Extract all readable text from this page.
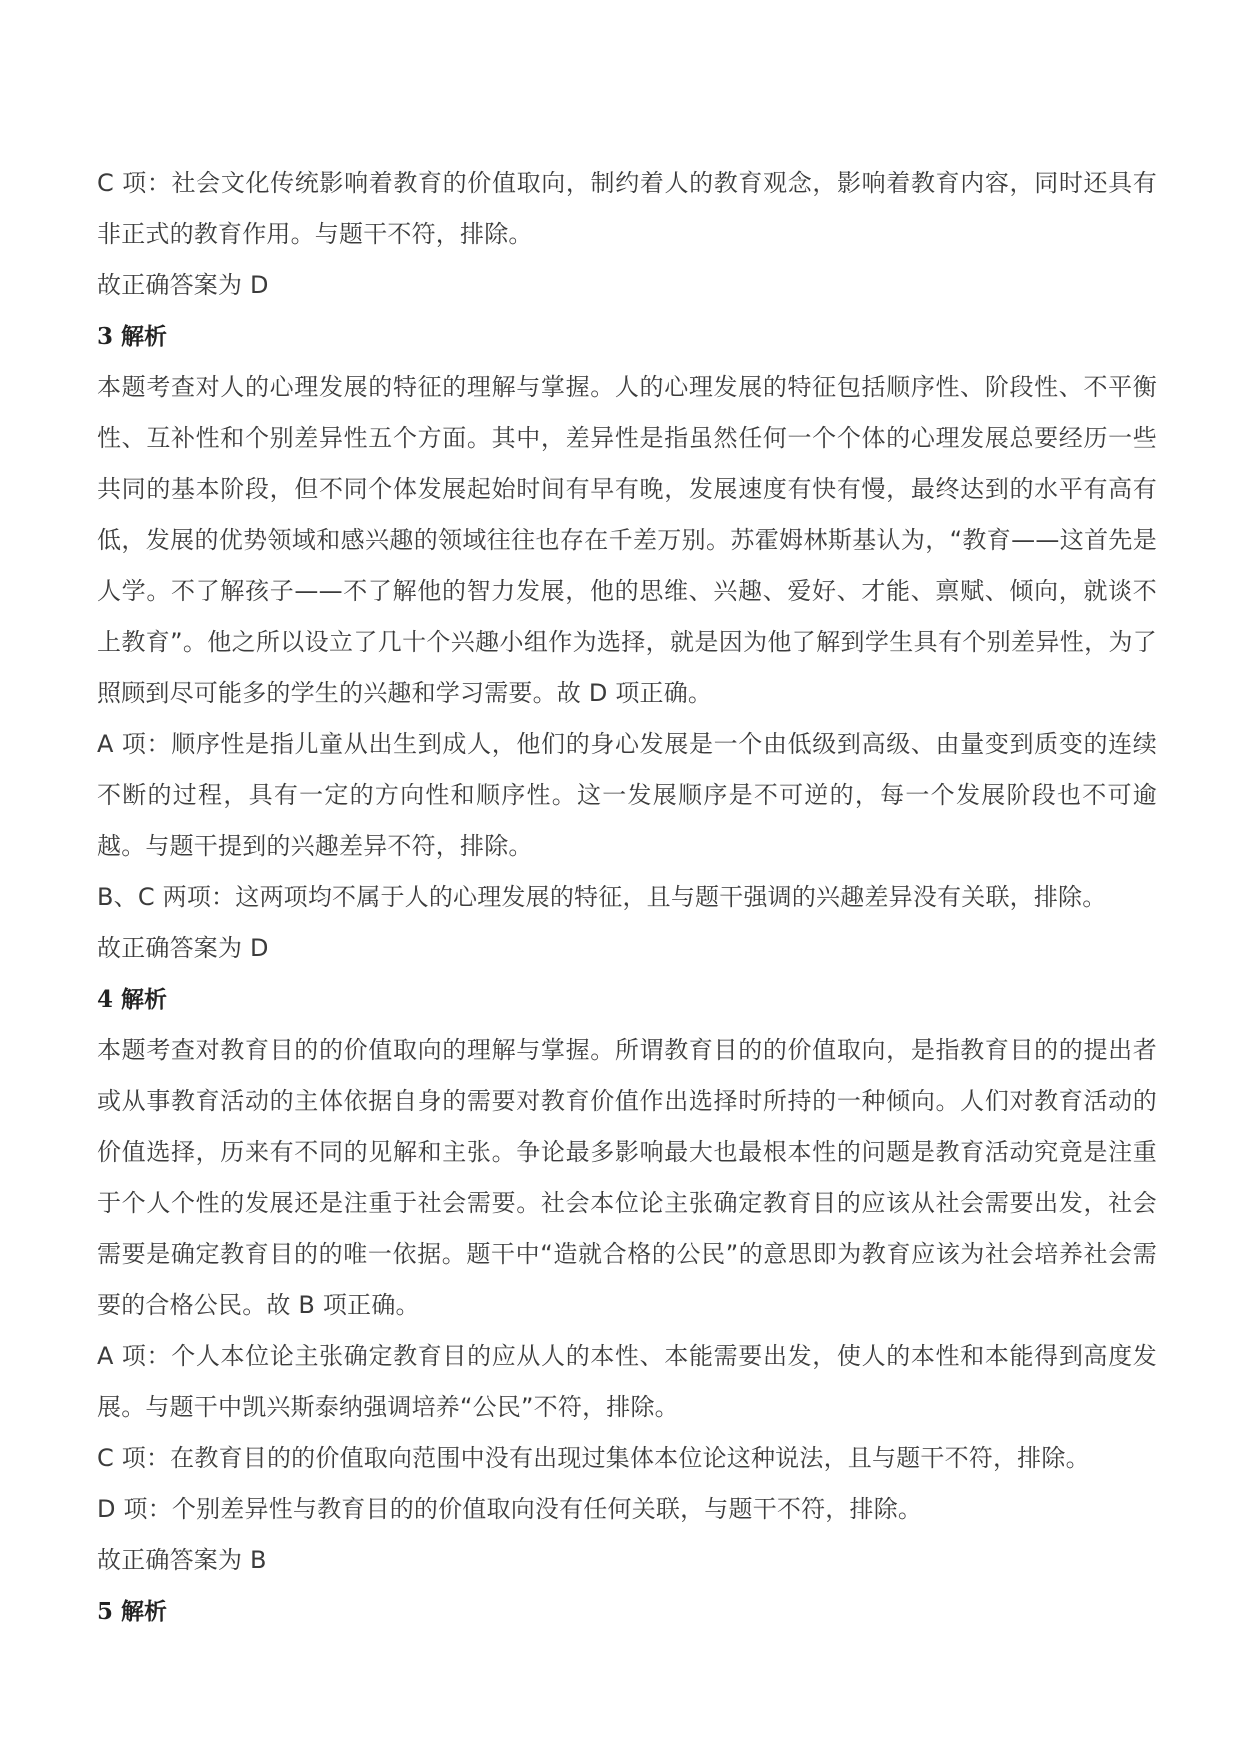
C 项：社会文化传统影响着教育的价值取向，制约着人的教育观念，影响着教育内容，同时还具有非正式的教育作用。与题干不符，排除。

故正确答案为 D

3 解析

本题考查对人的心理发展的特征的理解与掌握。人的心理发展的特征包括顺序性、阶段性、不平衡性、互补性和个别差异性五个方面。其中，差异性是指虽然任何一个个体的心理发展总要经历一些共同的基本阶段，但不同个体发展起始时间有早有晚，发展速度有快有慢，最终达到的水平有高有低，发展的优势领域和感兴趣的领域往往也存在千差万别。苏霍姆林斯基认为，“教育——这首先是人学。不了解孩子——不了解他的智力发展，他的思维、兴趣、爱好、才能、禀赋、倾向，就谈不上教育”。他之所以设立了几十个兴趣小组作为选择，就是因为他了解到学生具有个别差异性，为了照顾到尽可能多的学生的兴趣和学习需要。故 D 项正确。

A 项：顺序性是指儿童从出生到成人，他们的身心发展是一个由低级到高级、由量变到质变的连续不断的过程，具有一定的方向性和顺序性。这一发展顺序是不可逆的，每一个发展阶段也不可逾越。与题干提到的兴趣差异不符，排除。

B、C 两项：这两项均不属于人的心理发展的特征，且与题干强调的兴趣差异没有关联，排除。

故正确答案为 D

4 解析

本题考查对教育目的的价值取向的理解与掌握。所谓教育目的的价值取向，是指教育目的的提出者或从事教育活动的主体依据自身的需要对教育价值作出选择时所持的一种倾向。人们对教育活动的价值选择，历来有不同的见解和主张。争论最多影响最大也最根本性的问题是教育活动究竟是注重于个人个性的发展还是注重于社会需要。社会本位论主张确定教育目的应该从社会需要出发，社会需要是确定教育目的的唯一依据。题干中“造就合格的公民”的意思即为教育应该为社会培养社会需要的合格公民。故 B 项正确。

A 项：个人本位论主张确定教育目的应从人的本性、本能需要出发，使人的本性和本能得到高度发展。与题干中凯兴斯泰纳强调培养“公民”不符，排除。

C 项：在教育目的的价值取向范围中没有出现过集体本位论这种说法，且与题干不符，排除。

D 项：个别差异性与教育目的的价值取向没有任何关联，与题干不符，排除。

故正确答案为 B

5 解析
